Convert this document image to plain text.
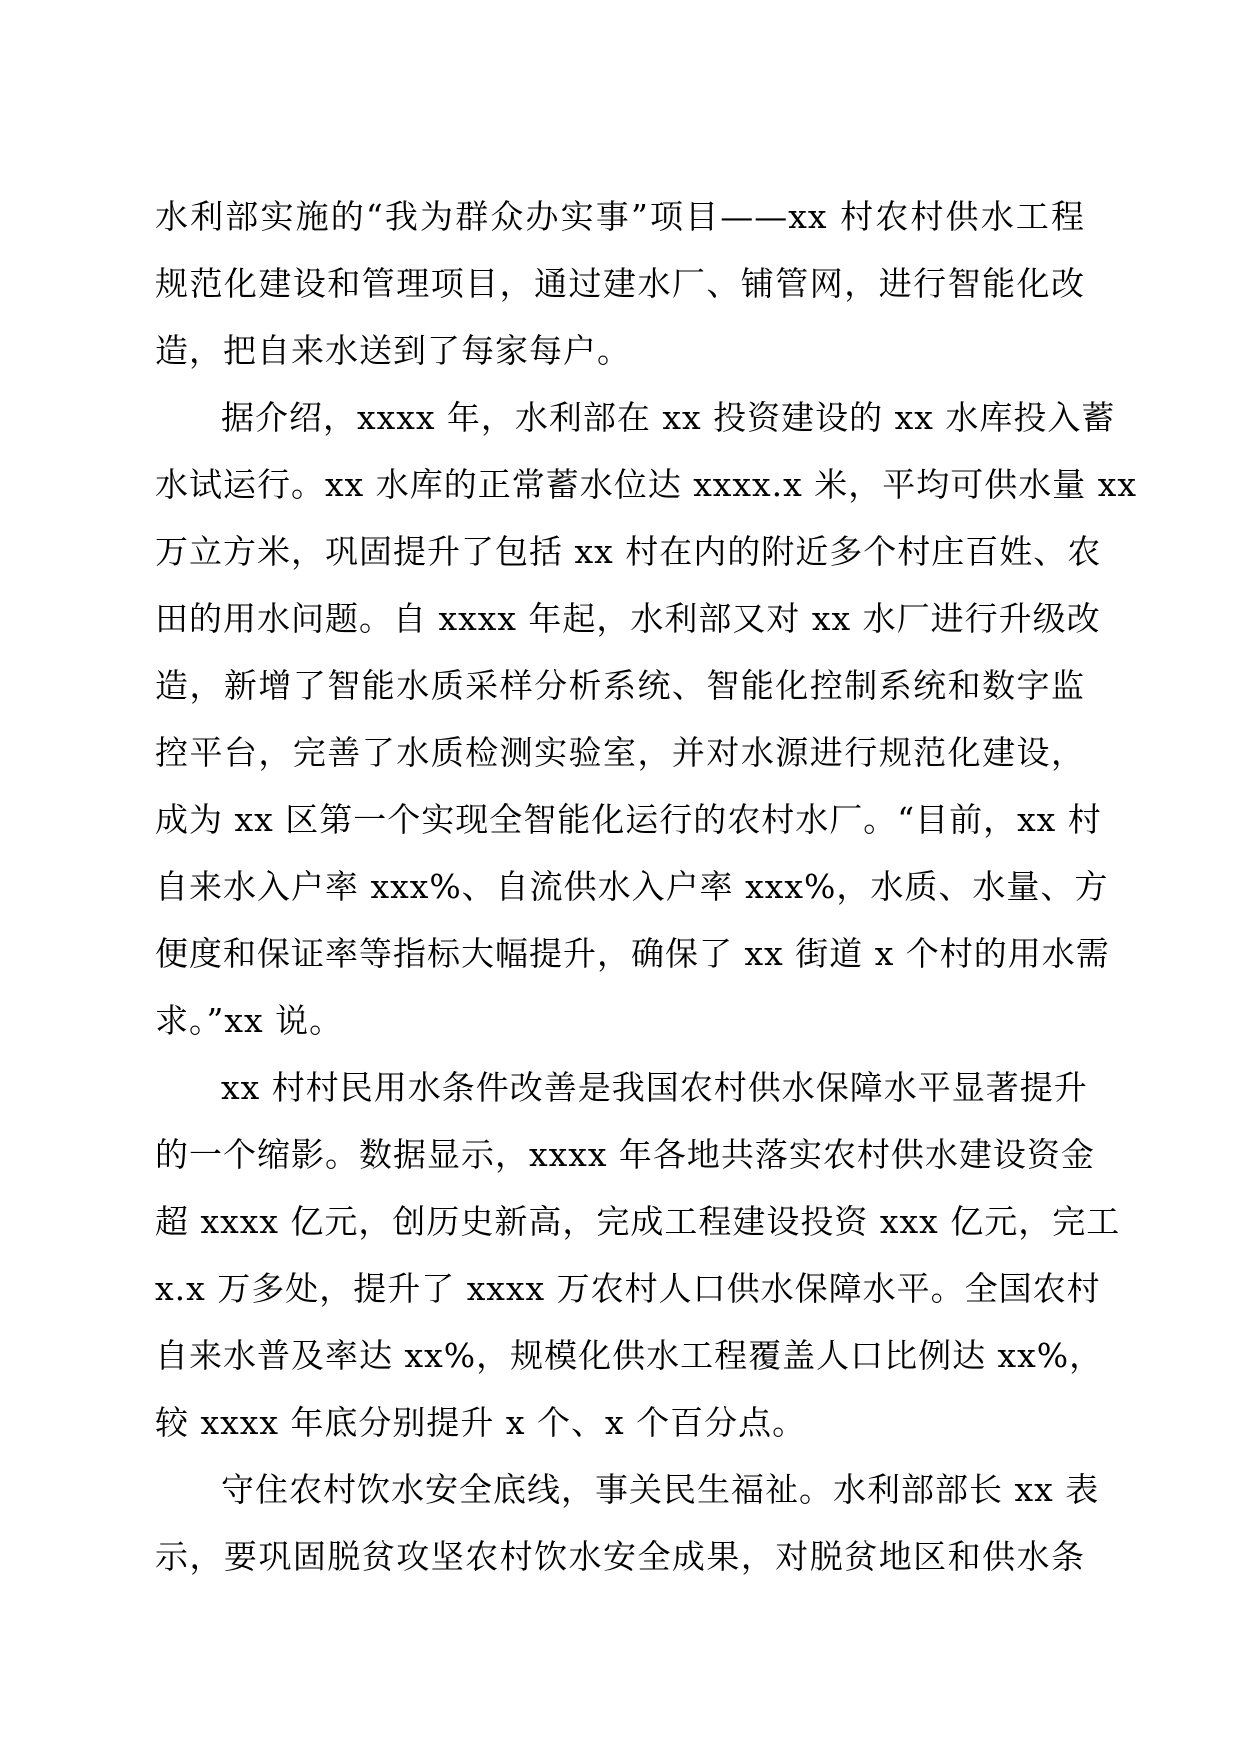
水利部实施的“我为群众办实事”项目——xx 村农村供水工程
规范化建设和管理项目，通过建水厂、铺管网，进行智能化改
造，把自来水送到了每家每户。
据介绍，xxxx 年，水利部在 xx 投资建设的 xx 水库投入蓄
水试运行。xx 水库的正常蓄水位达 xxxx.x 米，平均可供水量 xx
万立方米，巩固提升了包括 xx 村在内的附近多个村庄百姓、农
田的用水问题。自 xxxx 年起，水利部又对 xx 水厂进行升级改
造，新增了智能水质采样分析系统、智能化控制系统和数字监
控平台，完善了水质检测实验室，并对水源进行规范化建设，
成为 xx 区第一个实现全智能化运行的农村水厂。“目前，xx 村
自来水入户率 xxx%、自流供水入户率 xxx%，水质、水量、方
便度和保证率等指标大幅提升，确保了 xx 街道 x 个村的用水需
求。”xx 说。
xx 村村民用水条件改善是我国农村供水保障水平显著提升
的一个缩影。数据显示，xxxx 年各地共落实农村供水建设资金
超 xxxx 亿元，创历史新高，完成工程建设投资 xxx 亿元，完工
x.x 万多处，提升了 xxxx 万农村人口供水保障水平。全国农村
自来水普及率达 xx%，规模化供水工程覆盖人口比例达 xx%，
较 xxxx 年底分别提升 x 个、x 个百分点。
守住农村饮水安全底线，事关民生福祉。水利部部长 xx 表
示，要巩固脱贫攻坚农村饮水安全成果，对脱贫地区和供水条
